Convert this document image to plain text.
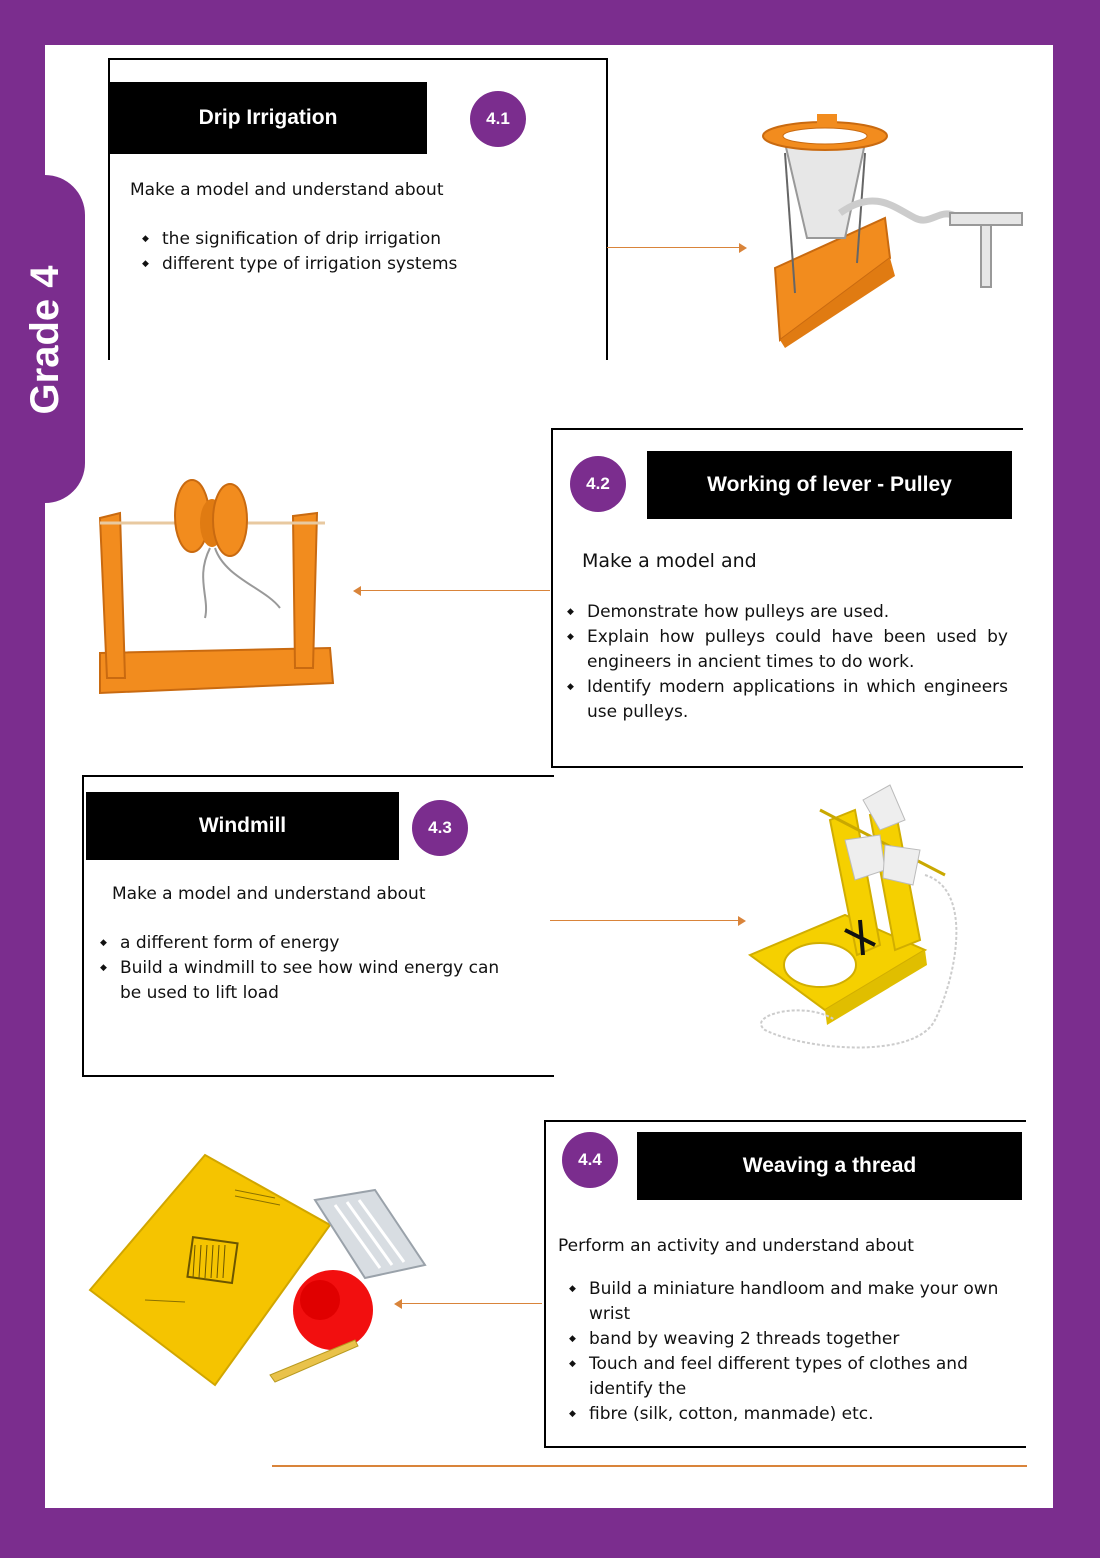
Grade 4
Drip Irrigation	4.1
Make a model and understand about
◆ the signification of drip irrigation
◆ different type of irrigation systems
Working of lever - Pulley
4.2
Make a model and
◆ Demonstrate how pulleys are used.
◆ Explain how pulleys could have been used by engineers in ancient times to do work.
◆ Identify modern applications in which engineers use pulleys.
Windmill	4.3
Make a model and understand about
◆ a different form of energy
◆ Build a windmill to see how wind energy can be used to lift load
Weaving a thread
4.4
Perform an activity and understand about
◆ Build a miniature handloom and make your own wrist
◆ band by weaving 2 threads together
◆ Touch and feel different types of clothes and identify the
◆ fibre (silk, cotton, manmade) etc.
